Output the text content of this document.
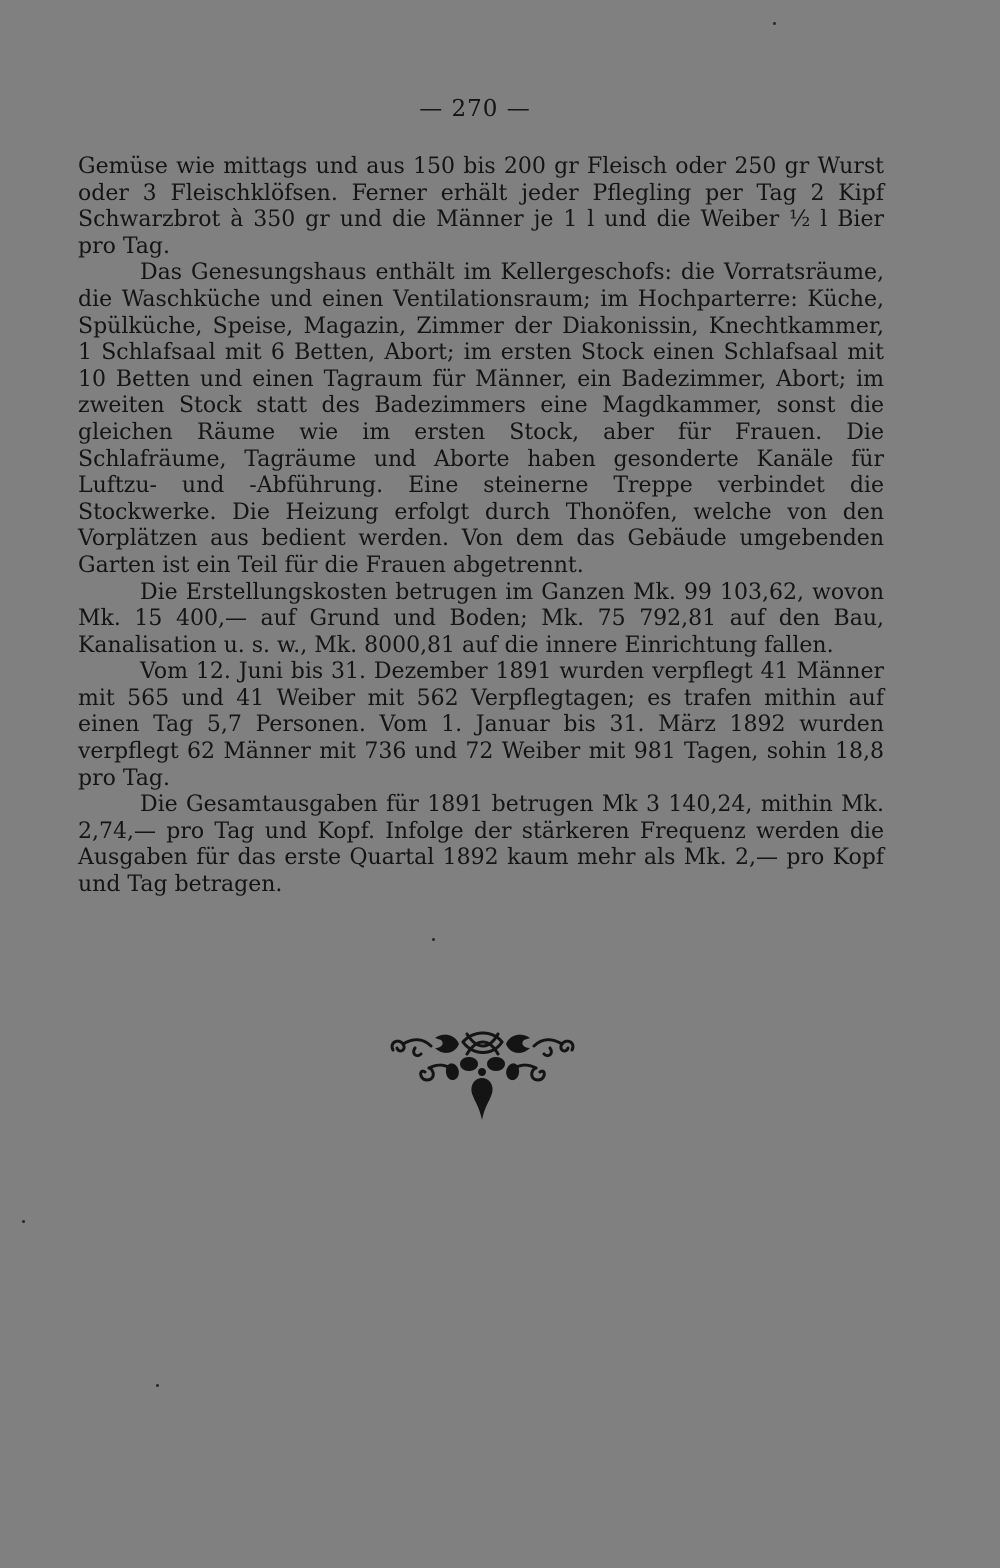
— 270 —

Gemüse wie mittags und aus 150 bis 200 gr Fleisch oder 250 gr Wurst oder 3 Fleischklöfsen. Ferner erhält jeder Pflegling per Tag 2 Kipf Schwarzbrot à 350 gr und die Männer je 1 l und die Weiber ½ l Bier pro Tag.

Das Genesungshaus enthält im Kellergeschofs: die Vorratsräume, die Waschküche und einen Ventilationsraum; im Hochparterre: Küche, Spülküche, Speise, Magazin, Zimmer der Diakonissin, Knechtkammer, 1 Schlafsaal mit 6 Betten, Abort; im ersten Stock einen Schlafsaal mit 10 Betten und einen Tagraum für Männer, ein Badezimmer, Abort; im zweiten Stock statt des Badezimmers eine Magdkammer, sonst die gleichen Räume wie im ersten Stock, aber für Frauen. Die Schlafräume, Tagräume und Aborte haben gesonderte Kanäle für Luftzu- und -Abführung. Eine steinerne Treppe verbindet die Stockwerke. Die Heizung erfolgt durch Thonöfen, welche von den Vorplätzen aus bedient werden. Von dem das Gebäude umgebenden Garten ist ein Teil für die Frauen abgetrennt.

Die Erstellungskosten betrugen im Ganzen Mk. 99 103,62, wovon Mk. 15 400,— auf Grund und Boden; Mk. 75 792,81 auf den Bau, Kanalisation u. s. w., Mk. 8000,81 auf die innere Einrichtung fallen.

Vom 12. Juni bis 31. Dezember 1891 wurden verpflegt 41 Männer mit 565 und 41 Weiber mit 562 Verpflegtagen; es trafen mithin auf einen Tag 5,7 Personen. Vom 1. Januar bis 31. März 1892 wurden verpflegt 62 Männer mit 736 und 72 Weiber mit 981 Tagen, sohin 18,8 pro Tag.

Die Gesamtausgaben für 1891 betrugen Mk 3 140,24, mithin Mk. 2,74,— pro Tag und Kopf. Infolge der stärkeren Frequenz werden die Ausgaben für das erste Quartal 1892 kaum mehr als Mk. 2,— pro Kopf und Tag betragen.
